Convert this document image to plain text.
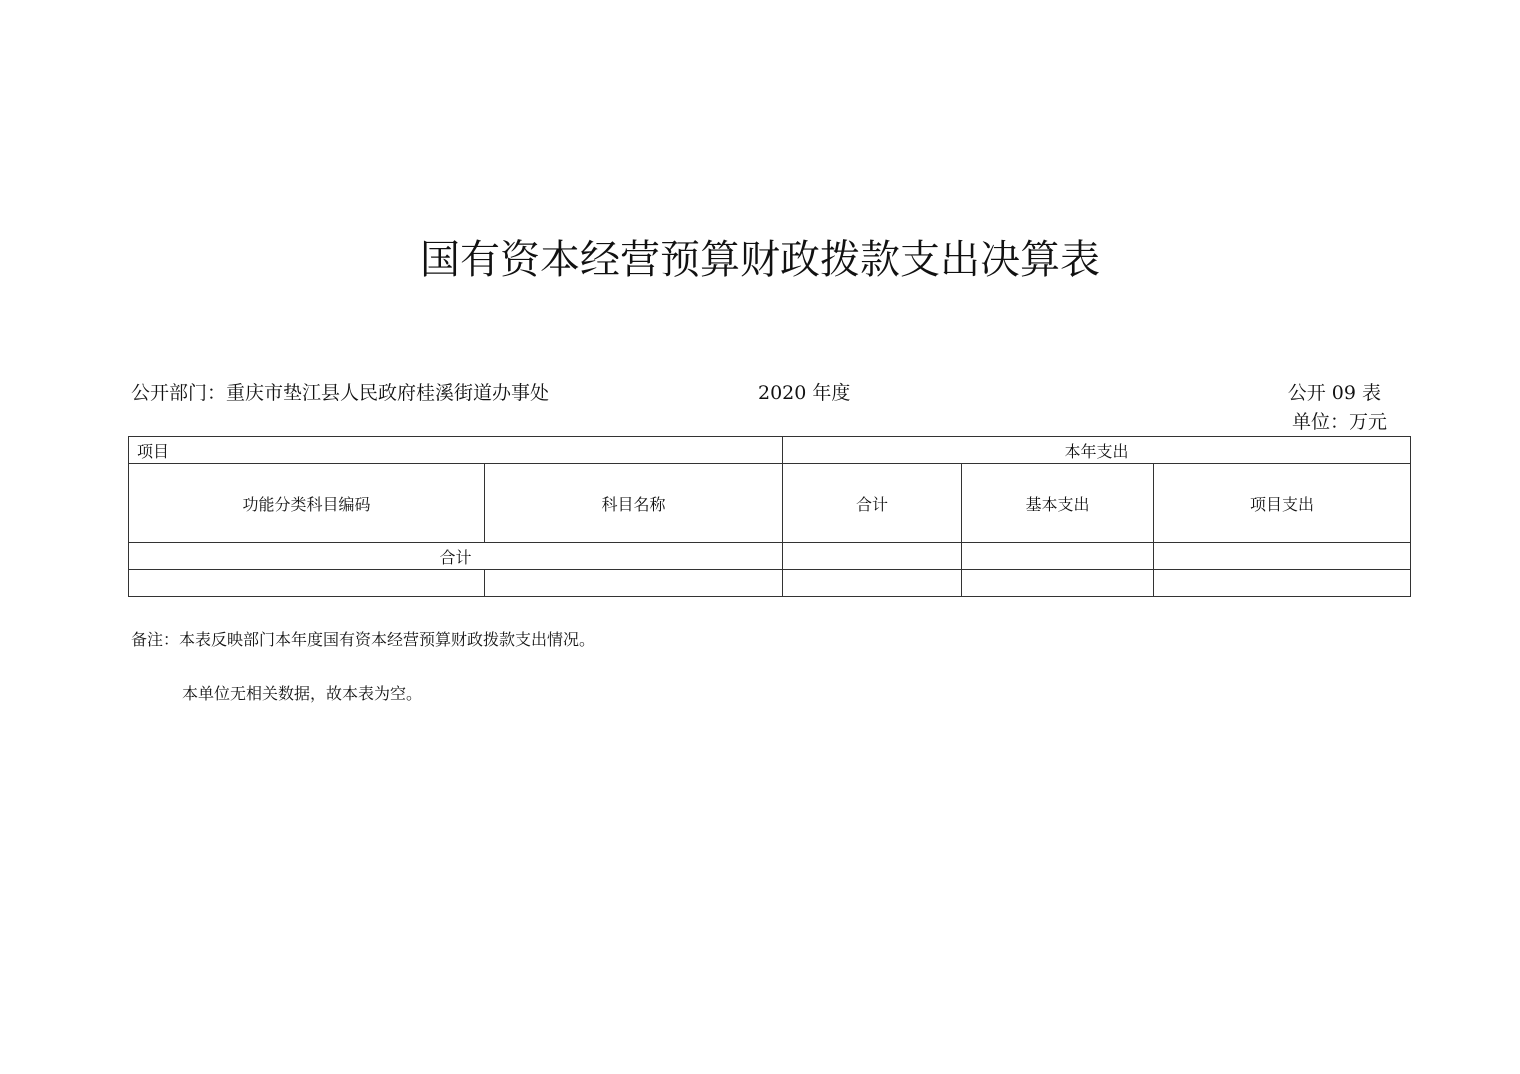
国有资本经营预算财政拨款支出决算表
公开部门：重庆市垫江县人民政府桂溪街道办事处	2020 年度	公开 09 表
单位：万元
项目		本年支出		
功能分类科目编码	科目名称	合计	基本支出	项目支出
合计				

备注：本表反映部门本年度国有资本经营预算财政拨款支出情况。
本单位无相关数据，故本表为空。
